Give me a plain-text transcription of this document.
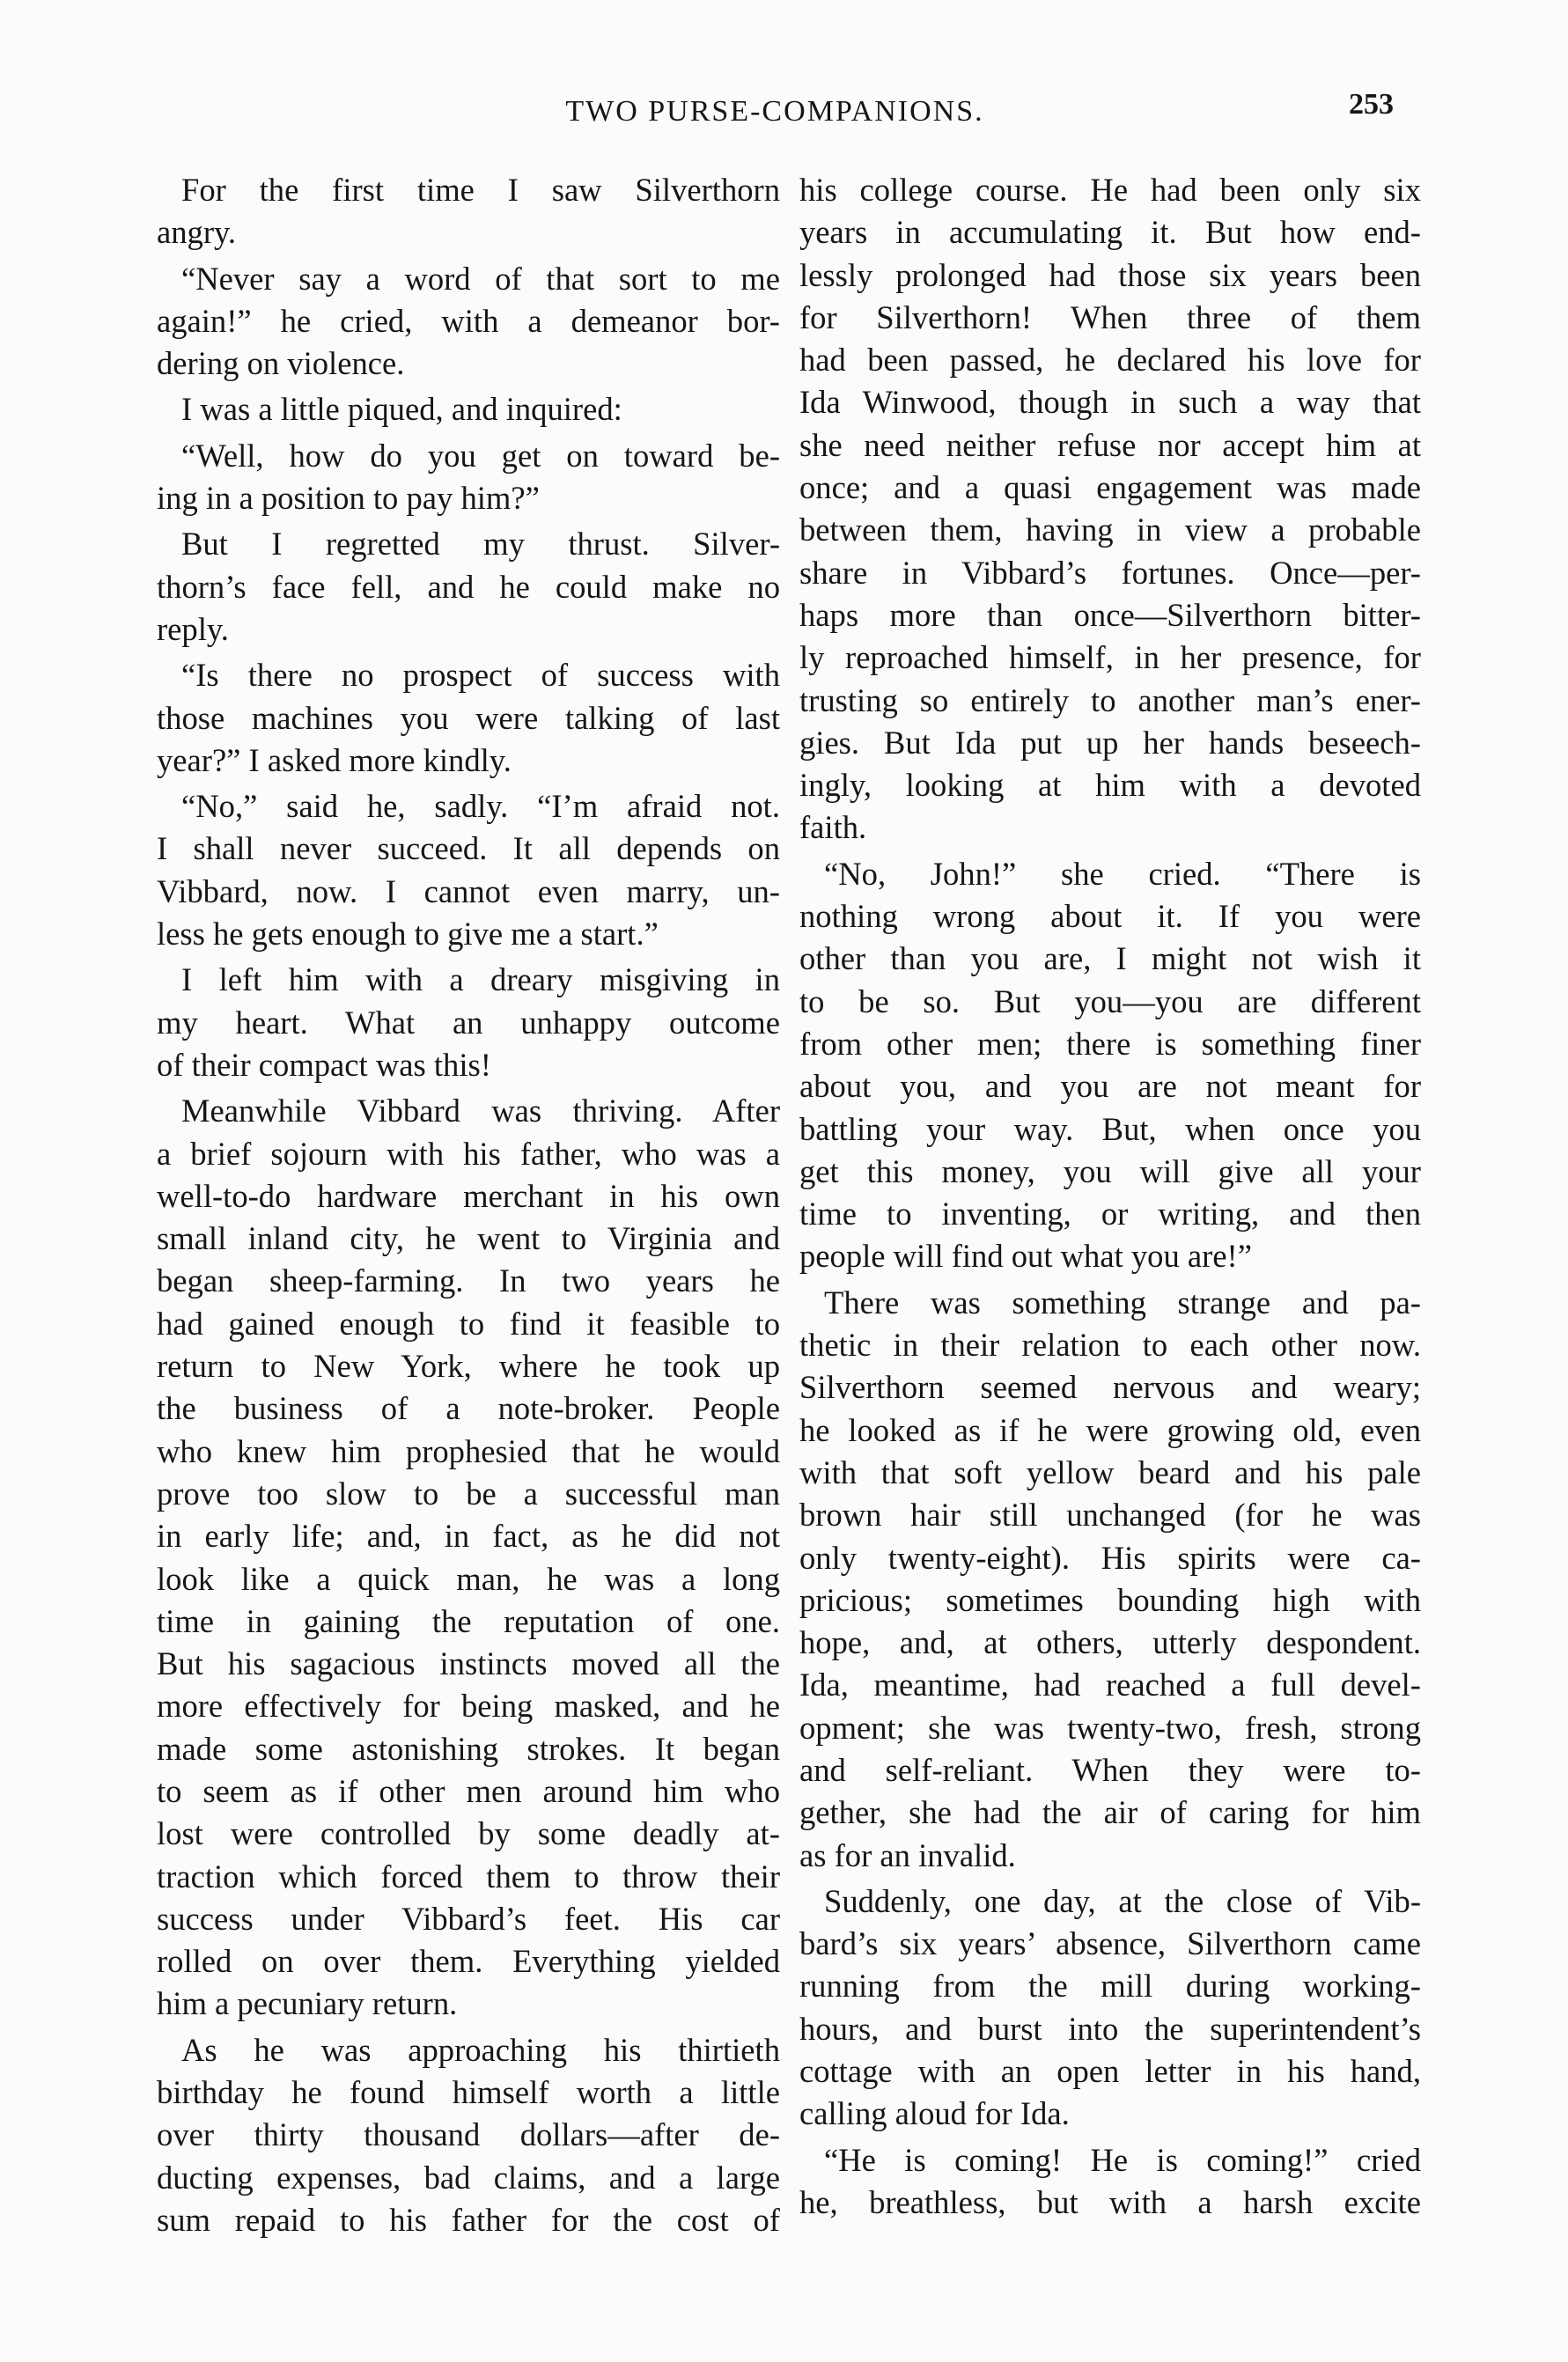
TWO PURSE-COMPANIONS.	253
For the first time I saw Silverthorn
angry.
“Never say a word of that sort to me
again!” he cried, with a demeanor bor-
dering on violence.
I was a little piqued, and inquired:
“Well, how do you get on toward be-
ing in a position to pay him?”
But I regretted my thrust. Silver-
thorn’s face fell, and he could make no
reply.
“Is there no prospect of success with
those machines you were talking of last
year?” I asked more kindly.
“No,” said he, sadly. “I’m afraid not.
I shall never succeed. It all depends on
Vibbard, now. I cannot even marry, un-
less he gets enough to give me a start.”
I left him with a dreary misgiving in
my heart. What an unhappy outcome
of their compact was this!
Meanwhile Vibbard was thriving. After
a brief sojourn with his father, who was a
well-to-do hardware merchant in his own
small inland city, he went to Virginia and
began sheep-farming. In two years he
had gained enough to find it feasible to
return to New York, where he took up
the business of a note-broker. People
who knew him prophesied that he would
prove too slow to be a successful man
in early life; and, in fact, as he did not
look like a quick man, he was a long
time in gaining the reputation of one.
But his sagacious instincts moved all the
more effectively for being masked, and he
made some astonishing strokes. It began
to seem as if other men around him who
lost were controlled by some deadly at-
traction which forced them to throw their
success under Vibbard’s feet. His car
rolled on over them. Everything yielded
him a pecuniary return.
As he was approaching his thirtieth
birthday he found himself worth a little
over thirty thousand dollars—after de-
ducting expenses, bad claims, and a large
sum repaid to his father for the cost of
his college course. He had been only six
years in accumulating it. But how end-
lessly prolonged had those six years been
for Silverthorn! When three of them
had been passed, he declared his love for
Ida Winwood, though in such a way that
she need neither refuse nor accept him at
once; and a quasi engagement was made
between them, having in view a probable
share in Vibbard’s fortunes. Once—per-
haps more than once—Silverthorn bitter-
ly reproached himself, in her presence, for
trusting so entirely to another man’s ener-
gies. But Ida put up her hands beseech-
ingly, looking at him with a devoted
faith.
“No, John!” she cried. “There is
nothing wrong about it. If you were
other than you are, I might not wish it
to be so. But you—you are different
from other men; there is something finer
about you, and you are not meant for
battling your way. But, when once you
get this money, you will give all your
time to inventing, or writing, and then
people will find out what you are!”
There was something strange and pa-
thetic in their relation to each other now.
Silverthorn seemed nervous and weary;
he looked as if he were growing old, even
with that soft yellow beard and his pale
brown hair still unchanged (for he was
only twenty-eight). His spirits were ca-
pricious; sometimes bounding high with
hope, and, at others, utterly despondent.
Ida, meantime, had reached a full devel-
opment; she was twenty-two, fresh, strong
and self-reliant. When they were to-
gether, she had the air of caring for him
as for an invalid.
Suddenly, one day, at the close of Vib-
bard’s six years’ absence, Silverthorn came
running from the mill during working-
hours, and burst into the superintendent’s
cottage with an open letter in his hand,
calling aloud for Ida.
“He is coming! He is coming!” cried
he, breathless, but with a harsh excite
